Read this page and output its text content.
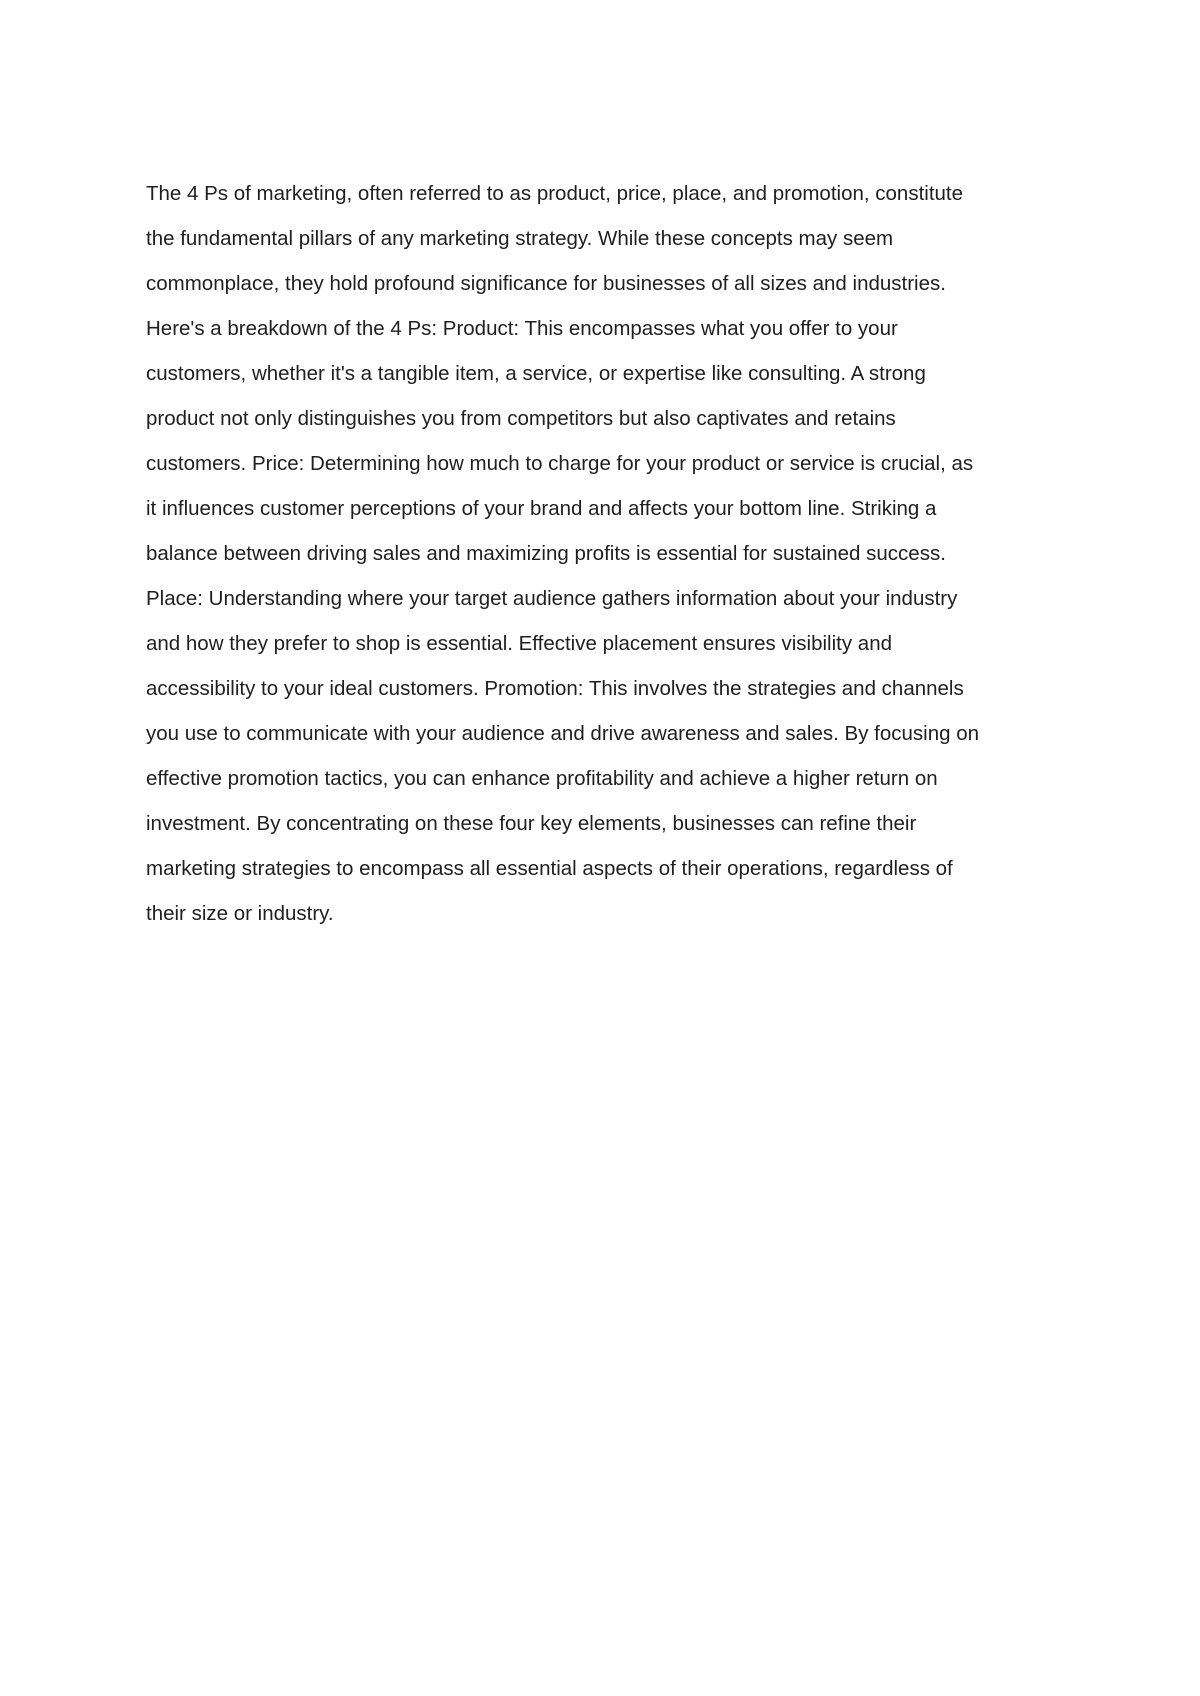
The 4 Ps of marketing, often referred to as product, price, place, and promotion, constitute
the fundamental pillars of any marketing strategy. While these concepts may seem
commonplace, they hold profound significance for businesses of all sizes and industries.
Here's a breakdown of the 4 Ps: Product: This encompasses what you offer to your
customers, whether it's a tangible item, a service, or expertise like consulting. A strong
product not only distinguishes you from competitors but also captivates and retains
customers. Price: Determining how much to charge for your product or service is crucial, as
it influences customer perceptions of your brand and affects your bottom line. Striking a
balance between driving sales and maximizing profits is essential for sustained success.
Place: Understanding where your target audience gathers information about your industry
and how they prefer to shop is essential. Effective placement ensures visibility and
accessibility to your ideal customers. Promotion: This involves the strategies and channels
you use to communicate with your audience and drive awareness and sales. By focusing on
effective promotion tactics, you can enhance profitability and achieve a higher return on
investment. By concentrating on these four key elements, businesses can refine their
marketing strategies to encompass all essential aspects of their operations, regardless of
their size or industry.
